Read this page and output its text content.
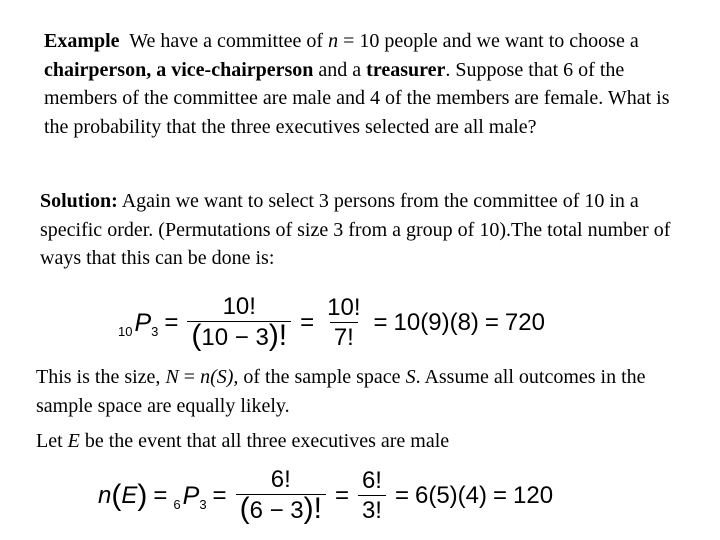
Example We have a committee of n = 10 people and we want to choose a chairperson, a vice-chairperson and a treasurer. Suppose that 6 of the members of the committee are male and 4 of the members are female. What is the probability that the three executives selected are all male?
Solution: Again we want to select 3 persons from the committee of 10 in a specific order. (Permutations of size 3 from a group of 10).The total number of ways that this can be done is:
10 P $3 = \frac{10!}{(10 - 3)!} = \frac{10!}{7!} = 10(9)(8) = 720$
This is the size, N = n(S), of the sample space S. Assume all outcomes in the sample space are equally likely.
Let E be the event that all three executives are male
n ( E ) = 6 P $3 = \frac{6!}{(6 - 3)!} = \frac{6!}{3!} = 6(5)(4) = 120$
